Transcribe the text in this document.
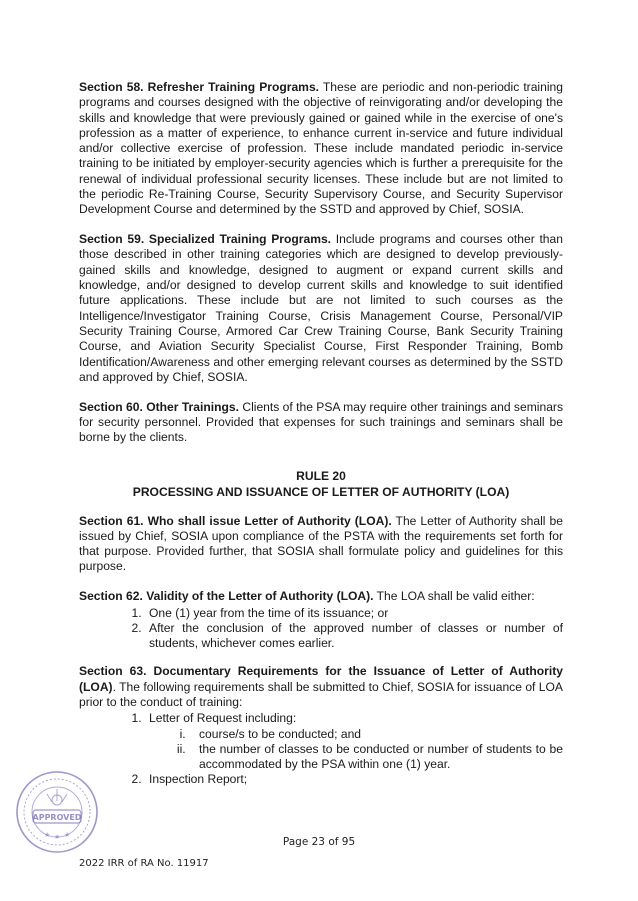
Section 58. Refresher Training Programs. These are periodic and non-periodic training programs and courses designed with the objective of reinvigorating and/or developing the skills and knowledge that were previously gained or gained while in the exercise of one's profession as a matter of experience, to enhance current in-service and future individual and/or collective exercise of profession. These include mandated periodic in-service training to be initiated by employer-security agencies which is further a prerequisite for the renewal of individual professional security licenses. These include but are not limited to the periodic Re-Training Course, Security Supervisory Course, and Security Supervisor Development Course and determined by the SSTD and approved by Chief, SOSIA.

Section 59. Specialized Training Programs. Include programs and courses other than those described in other training categories which are designed to develop previously-gained skills and knowledge, designed to augment or expand current skills and knowledge, and/or designed to develop current skills and knowledge to suit identified future applications. These include but are not limited to such courses as the Intelligence/Investigator Training Course, Crisis Management Course, Personal/VIP Security Training Course, Armored Car Crew Training Course, Bank Security Training Course, and Aviation Security Specialist Course, First Responder Training, Bomb Identification/Awareness and other emerging relevant courses as determined by the SSTD and approved by Chief, SOSIA.

Section 60. Other Trainings. Clients of the PSA may require other trainings and seminars for security personnel. Provided that expenses for such trainings and seminars shall be borne by the clients.

RULE 20
PROCESSING AND ISSUANCE OF LETTER OF AUTHORITY (LOA)

Section 61. Who shall issue Letter of Authority (LOA). The Letter of Authority shall be issued by Chief, SOSIA upon compliance of the PSTA with the requirements set forth for that purpose. Provided further, that SOSIA shall formulate policy and guidelines for this purpose.

Section 62. Validity of the Letter of Authority (LOA). The LOA shall be valid either:

1. One (1) year from the time of its issuance; or
2. After the conclusion of the approved number of classes or number of students, whichever comes earlier.

Section 63. Documentary Requirements for the Issuance of Letter of Authority (LOA). The following requirements shall be submitted to Chief, SOSIA for issuance of LOA prior to the conduct of training:

1. Letter of Request including:
i. course/s to be conducted; and
ii. the number of classes to be conducted or number of students to be accommodated by the PSA within one (1) year.
2. Inspection Report;
APPROVED
★ ★ ★
Page 23 of 95
2022 IRR of RA No. 11917
